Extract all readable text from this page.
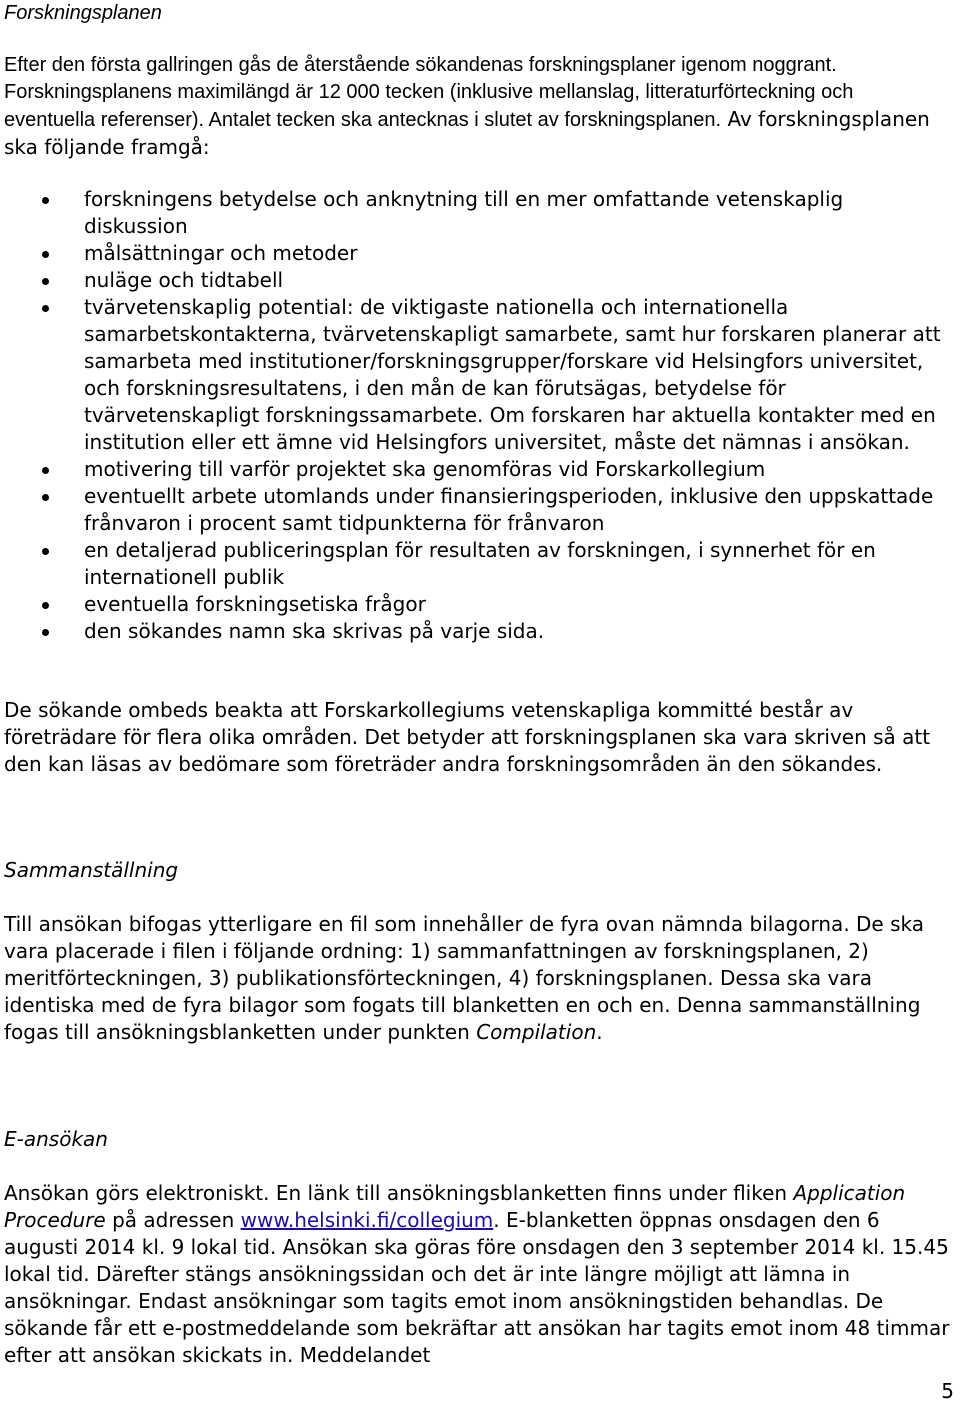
Forskningsplanen

Efter den första gallringen gås de återstående sökandenas forskningsplaner igenom noggrant. Forskningsplanens maximilängd är 12 000 tecken (inklusive mellanslag, litteraturförteckning och eventuella referenser). Antalet tecken ska antecknas i slutet av forskningsplanen. Av forskningsplanen ska följande framgå:

forskningens betydelse och anknytning till en mer omfattande vetenskaplig diskussion
målsättningar och metoder
nuläge och tidtabell
tvärvetenskaplig potential: de viktigaste nationella och internationella samarbetskontakterna, tvärvetenskapligt samarbete, samt hur forskaren planerar att samarbeta med institutioner/forskningsgrupper/forskare vid Helsingfors universitet, och forskningsresultatens, i den mån de kan förutsägas, betydelse för tvärvetenskapligt forskningssamarbete. Om forskaren har aktuella kontakter med en institution eller ett ämne vid Helsingfors universitet, måste det nämnas i ansökan.
motivering till varför projektet ska genomföras vid Forskarkollegium
eventuellt arbete utomlands under finansieringsperioden, inklusive den uppskattade frånvaron i procent samt tidpunkterna för frånvaron
en detaljerad publiceringsplan för resultaten av forskningen, i synnerhet för en internationell publik
eventuella forskningsetiska frågor
den sökandes namn ska skrivas på varje sida.

De sökande ombeds beakta att Forskarkollegiums vetenskapliga kommitté består av företrädare för flera olika områden. Det betyder att forskningsplanen ska vara skriven så att den kan läsas av bedömare som företräder andra forskningsområden än den sökandes.

Sammanställning

Till ansökan bifogas ytterligare en fil som innehåller de fyra ovan nämnda bilagorna. De ska vara placerade i filen i följande ordning: 1) sammanfattningen av forskningsplanen, 2) meritförteckningen, 3) publikationsförteckningen, 4) forskningsplanen. Dessa ska vara identiska med de fyra bilagor som fogats till blanketten en och en. Denna sammanställning fogas till ansökningsblanketten under punkten Compilation.

E-ansökan

Ansökan görs elektroniskt. En länk till ansökningsblanketten finns under fliken Application Procedure på adressen www.helsinki.fi/collegium. E-blanketten öppnas onsdagen den 6 augusti 2014 kl. 9 lokal tid. Ansökan ska göras före onsdagen den 3 september 2014 kl. 15.45 lokal tid. Därefter stängs ansökningssidan och det är inte längre möjligt att lämna in ansökningar. Endast ansökningar som tagits emot inom ansökningstiden behandlas. De sökande får ett e-postmeddelande som bekräftar att ansökan har tagits emot inom 48 timmar efter att ansökan skickats in. Meddelandet

5
